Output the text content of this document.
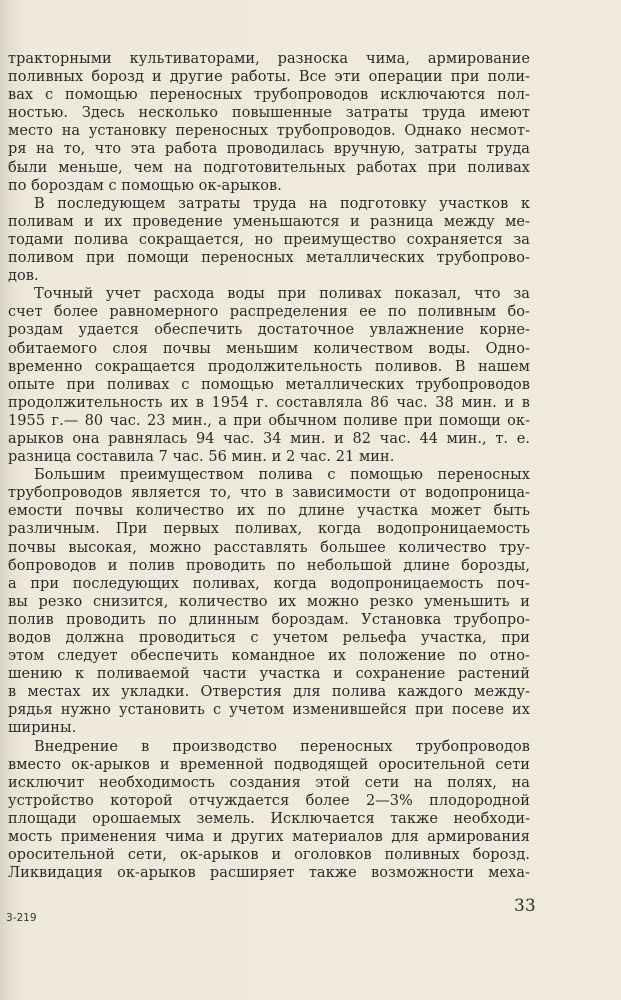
тракторными культиваторами, разноска чима, армирование
поливных борозд и другие работы. Все эти операции при поли-
вах с помощью переносных трубопроводов исключаются пол-
ностью. Здесь несколько повышенные затраты труда имеют
место на установку переносных трубопроводов. Однако несмот-
ря на то, что эта работа проводилась вручную, затраты труда
были меньше, чем на подготовительных работах при поливах
по бороздам с помощью ок-арыков.

В последующем затраты труда на подготовку участков к
поливам и их проведение уменьшаются и разница между ме-
тодами полива сокращается, но преимущество сохраняется за
поливом при помощи переносных металлических трубопрово-
дов.

Точный учет расхода воды при поливах показал, что за
счет более равномерного распределения ее по поливным бо-
роздам удается обеспечить достаточное увлажнение корне-
обитаемого слоя почвы меньшим количеством воды. Одно-
временно сокращается продолжительность поливов. В нашем
опыте при поливах с помощью металлических трубопроводов
продолжительность их в 1954 г. составляла 86 час. 38 мин. и в
1955 г.— 80 час. 23 мин., а при обычном поливе при помощи ок-
арыков она равнялась 94 час. 34 мин. и 82 час. 44 мин., т. е.
разница составила 7 час. 56 мин. и 2 час. 21 мин.

Большим преимуществом полива с помощью переносных
трубопроводов является то, что в зависимости от водопроница-
емости почвы количество их по длине участка может быть
различным. При первых поливах, когда водопроницаемость
почвы высокая, можно расставлять большее количество тру-
бопроводов и полив проводить по небольшой длине борозды,
а при последующих поливах, когда водопроницаемость поч-
вы резко снизится, количество их можно резко уменьшить и
полив проводить по длинным бороздам. Установка трубопро-
водов должна проводиться с учетом рельефа участка, при
этом следует обеспечить командное их положение по отно-
шению к поливаемой части участка и сохранение растений
в местах их укладки. Отверстия для полива каждого между-
рядья нужно установить с учетом изменившейся при посеве их
ширины.

Внедрение в производство переносных трубопроводов
вместо ок-арыков и временной подводящей оросительной сети
исключит необходимость создания этой сети на полях, на
устройство которой отчуждается более 2—3% плодородной
площади орошаемых земель. Исключается также необходи-
мость применения чима и других материалов для армирования
оросительной сети, ок-арыков и оголовков поливных борозд.
Ликвидация ок-арыков расширяет также возможности меха-

33
3-219
